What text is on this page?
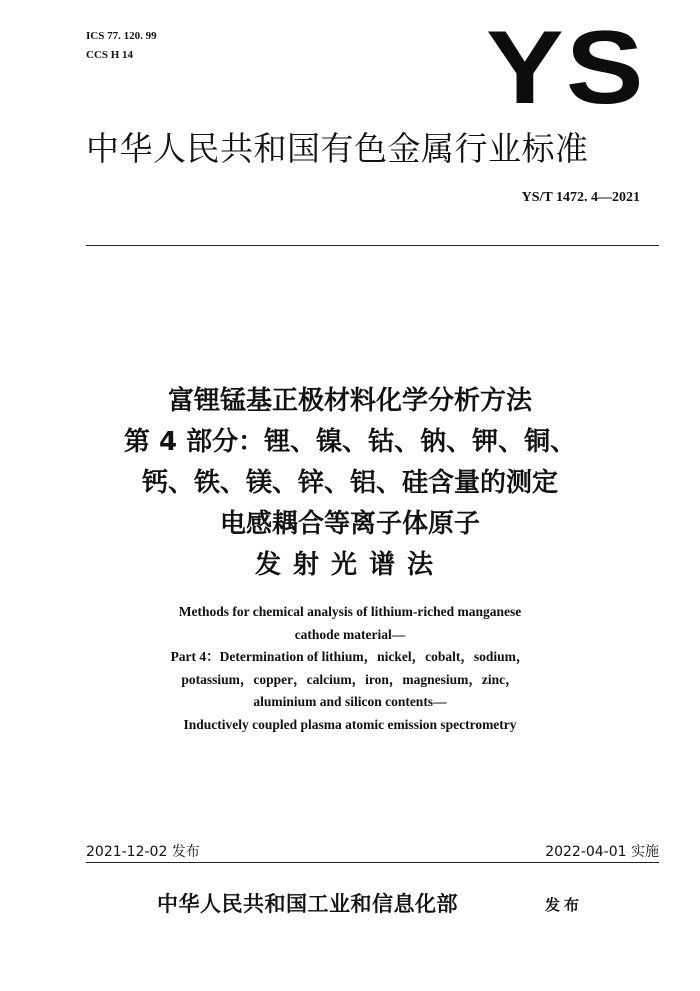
ICS 77. 120. 99
CCS H 14	YS
中华人民共和国有色金属行业标准
YS/T 1472. 4—2021
富锂锰基正极材料化学分析方法
第 4 部分：锂、镍、钴、钠、钾、铜、
钙、铁、镁、锌、铝、硅含量的测定
电感耦合等离子体原子
发射光谱法
Methods for chemical analysis of lithium-riched manganese
cathode material—
Part 4：Determination of lithium，nickel，cobalt，sodium，
potassium，copper，calcium，iron，magnesium，zinc，
aluminium and silicon contents—
Inductively coupled plasma atomic emission spectrometry
2021-12-02 发布	2022-04-01 实施
中华人民共和国工业和信息化部	发布
